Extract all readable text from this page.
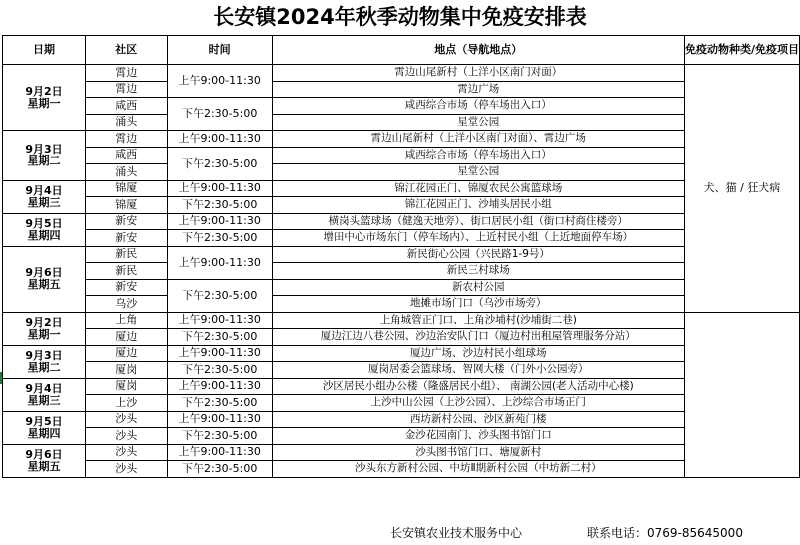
长安镇2024年秋季动物集中免疫安排表
日期	社区	时间	地点（导航地点）	免疫动物种类/免疫项目

9月2日
星期一	霄边	上午9:00-11:30	霄边山尾新村（上洋小区南门对面）	犬、猫 / 狂犬病
	霄边		霄边广场	
	咸西	下午2:30-5:00	咸西综合市场（停车场出入口）	
	涌头		星堂公园	

9月3日
星期二	霄边	上午9:00-11:30	霄边山尾新村（上洋小区南门对面）、霄边广场	
	咸西	下午2:30-5:00	咸西综合市场（停车场出入口）	
	涌头		星堂公园	

9月4日
星期三	锦厦	上午9:00-11:30	锦江花园正门、锦厦农民公寓篮球场	
	锦厦	下午2:30-5:00	锦江花园正门、沙埔头居民小组	

9月5日
星期四	新安	上午9:00-11:30	横岗头篮球场（健逸天地旁）、街口居民小组（街口村商住楼旁）	
	新安	下午2:30-5:00	增田中心市场东门（停车场内）、上近村民小组（上近地面停车场）	

9月6日
星期五	新民	上午9:00-11:30	新民街心公园（兴民路1-9号）	
	新民		新民三村球场	
	新安	下午2:30-5:00	新农村公园	
	乌沙		地摊市场门口（乌沙市场旁）	

9月2日
星期一	上角	上午9:00-11:30	上角城管正门口、上角沙埔村(沙埔街二巷)	
	厦边	下午2:30-5:00	厦边江边八巷公园、沙边治安队门口（厦边村出租屋管理服务分站）	

9月3日
星期二	厦边	上午9:00-11:30	厦边广场、沙边村民小组球场	
	厦岗	下午2:30-5:00	厦岗居委会篮球场、智网大楼（门外小公园旁）	

9月4日
星期三	厦岗	上午9:00-11:30	沙区居民小组办公楼（隆盛居民小组）、 南湖公园(老人活动中心楼)	
	上沙	下午2:30-5:00	上沙中山公园（上沙公园）、上沙综合市场正门	

9月5日
星期四	沙头	上午9:00-11:30	西坊新村公园、沙区新苑门楼	
	沙头	下午2:30-5:00	金沙花园南门、沙头图书馆门口	

9月6日
星期五	沙头	上午9:00-11:30	沙头图书馆门口、塘厦新村	
	沙头	下午2:30-5:00	沙头东方新村公园、中坊Ⅱ期新村公园（中坊新二村）	
长安镇农业技术服务中心	联系电话：0769-85645000
